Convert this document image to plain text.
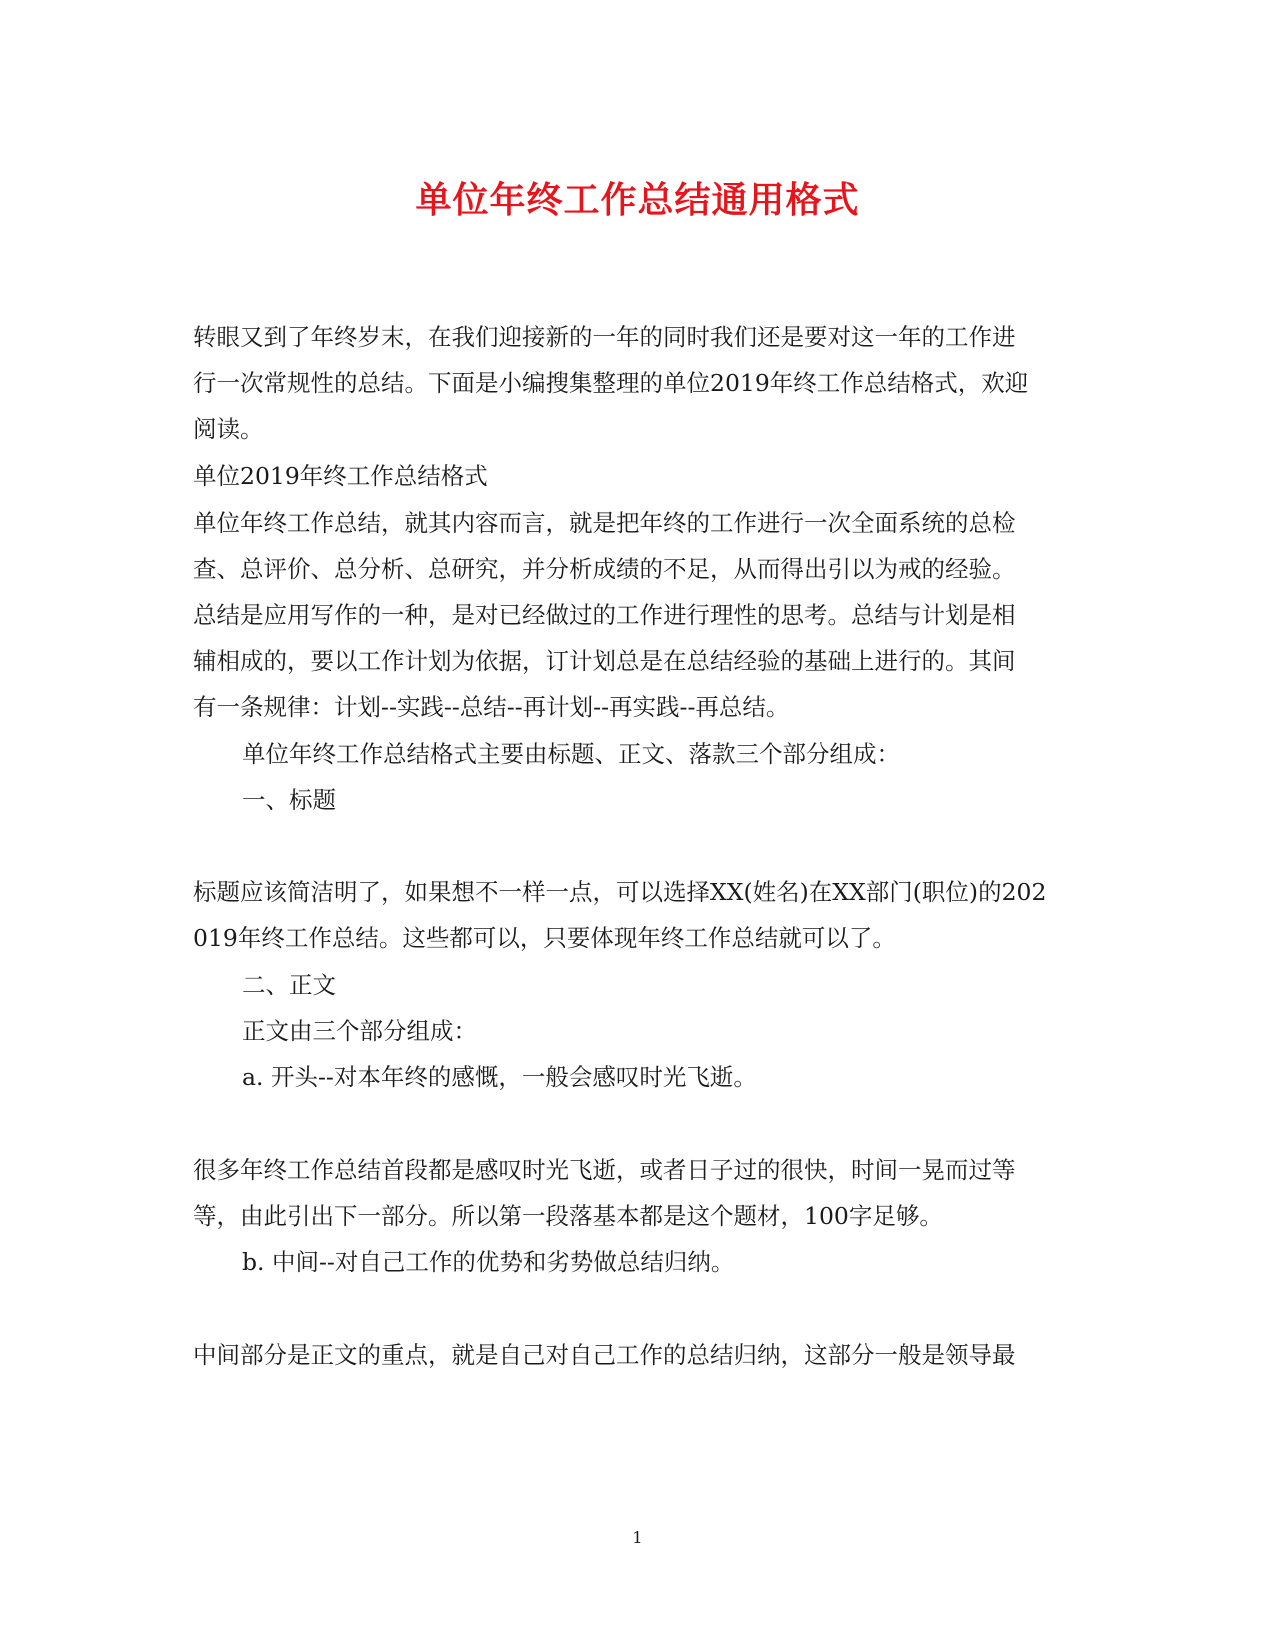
单位年终工作总结通用格式
转眼又到了年终岁末，在我们迎接新的一年的同时我们还是要对这一年的工作进
行一次常规性的总结。下面是小编搜集整理的单位2019年终工作总结格式，欢迎
阅读。
单位2019年终工作总结格式
单位年终工作总结，就其内容而言，就是把年终的工作进行一次全面系统的总检
查、总评价、总分析、总研究，并分析成绩的不足，从而得出引以为戒的经验。
总结是应用写作的一种，是对已经做过的工作进行理性的思考。总结与计划是相
辅相成的，要以工作计划为依据，订计划总是在总结经验的基础上进行的。其间
有一条规律：计划--实践--总结--再计划--再实践--再总结。
单位年终工作总结格式主要由标题、正文、落款三个部分组成：
一、标题
标题应该简洁明了，如果想不一样一点，可以选择XX(姓名)在XX部门(职位)的202
019年终工作总结。这些都可以，只要体现年终工作总结就可以了。
二、正文
正文由三个部分组成：
a. 开头--对本年终的感慨，一般会感叹时光飞逝。
很多年终工作总结首段都是感叹时光飞逝，或者日子过的很快，时间一晃而过等
等，由此引出下一部分。所以第一段落基本都是这个题材，100字足够。
b. 中间--对自己工作的优势和劣势做总结归纳。
中间部分是正文的重点，就是自己对自己工作的总结归纳，这部分一般是领导最
1
